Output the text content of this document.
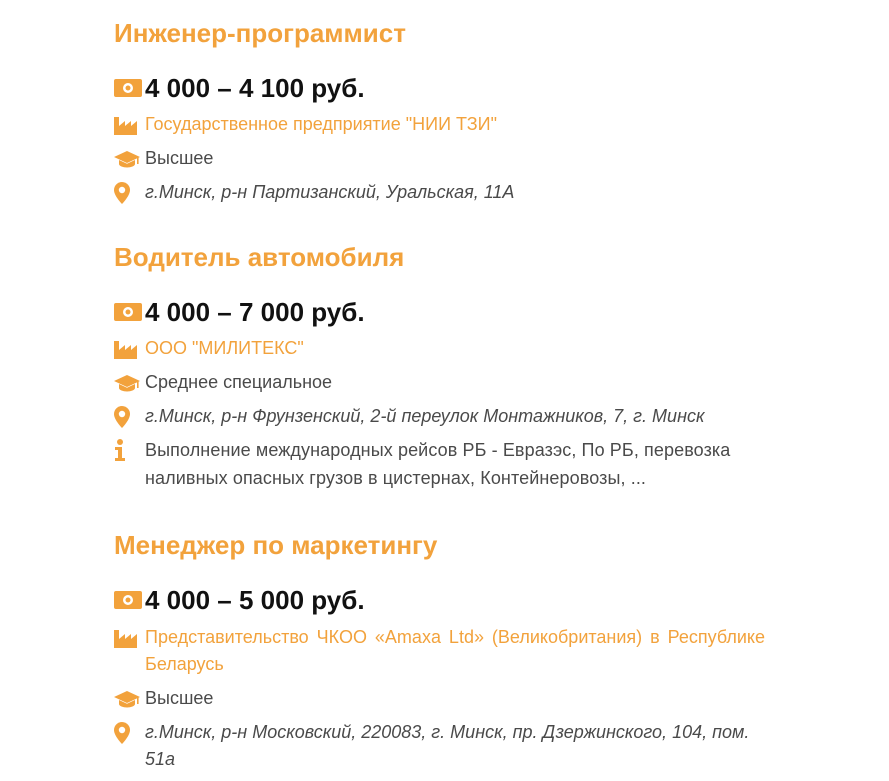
Инженер-программист
4 000 – 4 100 руб.
Государственное предприятие "НИИ ТЗИ"
Высшее
г.Минск, р-н Партизанский, Уральская, 11А
Водитель автомобиля
4 000 – 7 000 руб.
ООО "МИЛИТЕКС"
Среднее специальное
г.Минск, р-н Фрунзенский, 2-й переулок Монтажников, 7, г. Минск
Выполнение международных рейсов РБ - Евразэс, По РБ, перевозка наливных опасных грузов в цистернах, Контейнеровозы, ...
Менеджер по маркетингу
4 000 – 5 000 руб.
Представительство ЧКОО «Amaxa Ltd» (Великобритания) в Республике Беларусь
Высшее
г.Минск, р-н Московский, 220083, г. Минск, пр. Дзержинского, 104, пом. 51а
